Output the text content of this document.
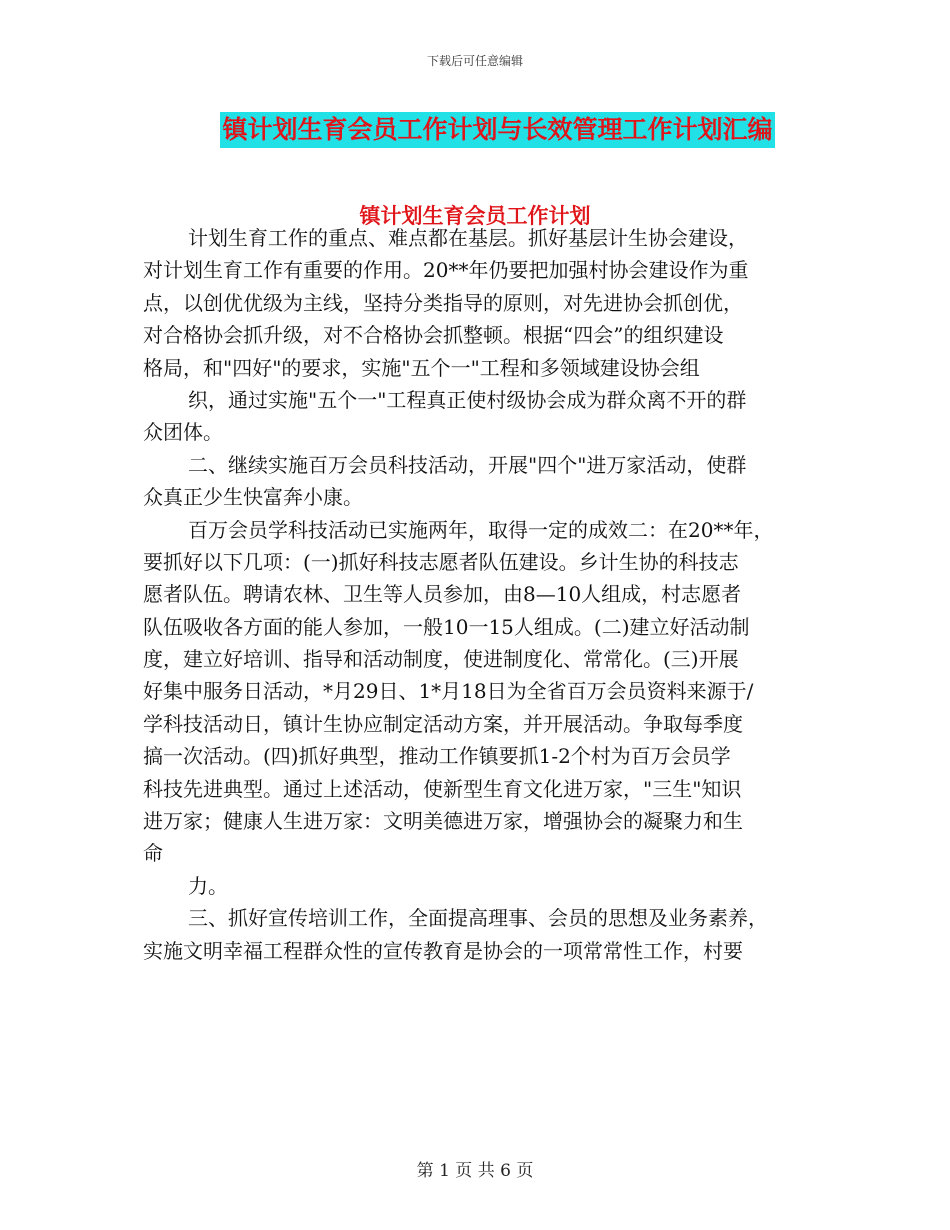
下载后可任意编辑
镇计划生育会员工作计划与长效管理工作计划汇编
镇计划生育会员工作计划
计划生育工作的重点、难点都在基层。抓好基层计生协会建设，
对计划生育工作有重要的作用。20**年仍要把加强村协会建设作为重
点，以创优优级为主线，坚持分类指导的原则，对先进协会抓创优，
对合格协会抓升级，对不合格协会抓整顿。根据“四会”的组织建设
格局，和"四好"的要求，实施"五个一"工程和多领域建设协会组
织，通过实施"五个一"工程真正使村级协会成为群众离不开的群
众团体。
二、继续实施百万会员科技活动，开展"四个"进万家活动，使群
众真正少生快富奔小康。
百万会员学科技活动已实施两年，取得一定的成效二：在20**年，
要抓好以下几项：(一)抓好科技志愿者队伍建设。乡计生协的科技志
愿者队伍。聘请农林、卫生等人员参加，由8—10人组成，村志愿者
队伍吸收各方面的能人参加，一般10一15人组成。(二)建立好活动制
度，建立好培训、指导和活动制度，使进制度化、常常化。(三)开展
好集中服务日活动，*月29日、1*月18日为全省百万会员资料来源于/
学科技活动日，镇计生协应制定活动方案，并开展活动。争取每季度
搞一次活动。(四)抓好典型，推动工作镇要抓1-2个村为百万会员学
科技先进典型。通过上述活动，使新型生育文化进万家，"三生"知识
进万家；健康人生进万家：文明美德进万家，增强协会的凝聚力和生
命
力。
三、抓好宣传培训工作，全面提高理事、会员的思想及业务素养，
实施文明幸福工程群众性的宣传教育是协会的一项常常性工作，村要
第 1 页 共 6 页
